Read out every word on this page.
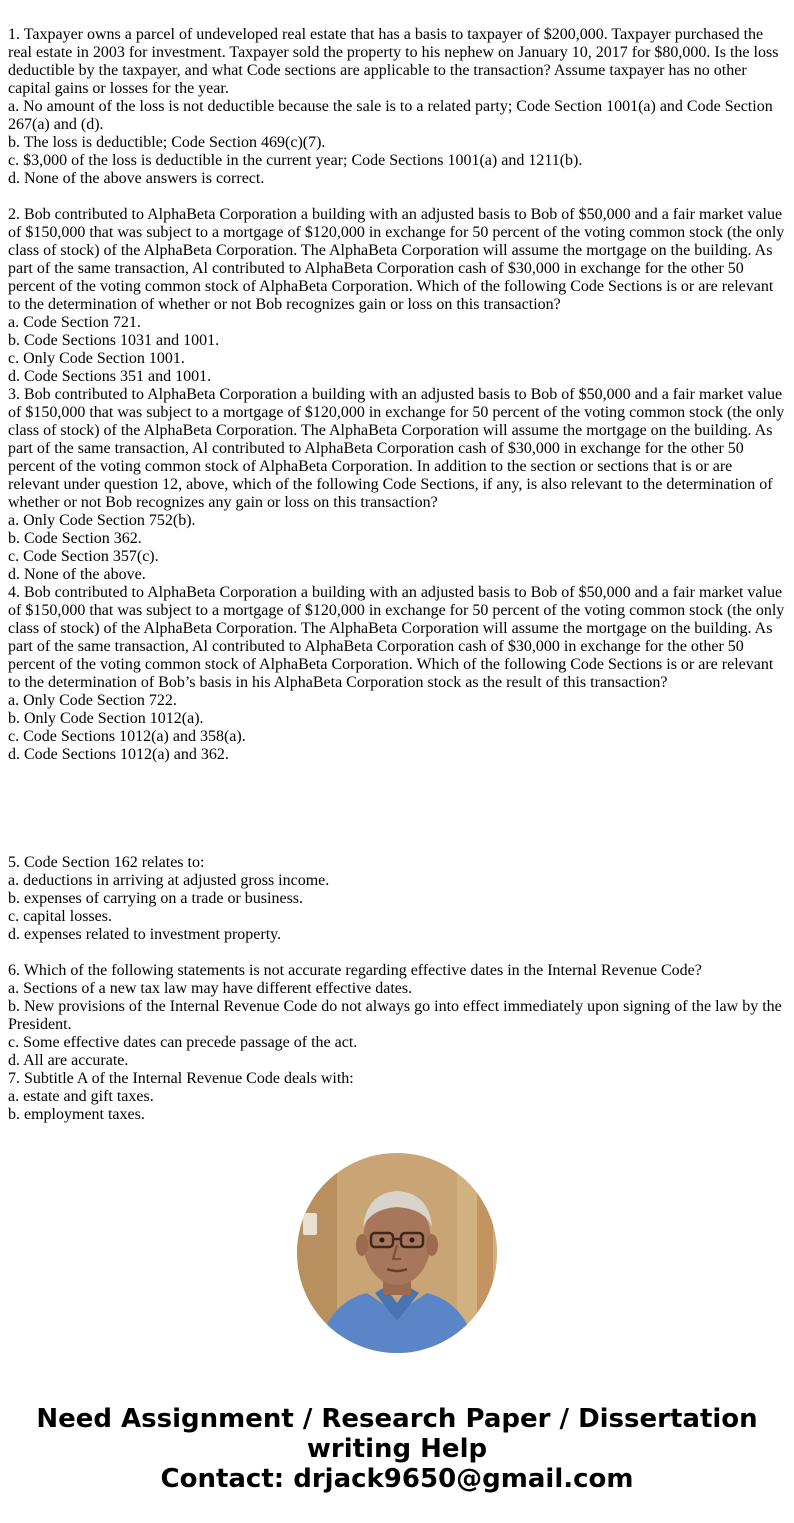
1. Taxpayer owns a parcel of undeveloped real estate that has a basis to taxpayer of $200,000. Taxpayer purchased the real estate in 2003 for investment. Taxpayer sold the property to his nephew on January 10, 2017 for $80,000. Is the loss deductible by the taxpayer, and what Code sections are applicable to the transaction? Assume taxpayer has no other capital gains or losses for the year.
a. No amount of the loss is not deductible because the sale is to a related party; Code Section 1001(a) and Code Section 267(a) and (d).
b. The loss is deductible; Code Section 469(c)(7).
c. $3,000 of the loss is deductible in the current year; Code Sections 1001(a) and 1211(b).
d. None of the above answers is correct.
2. Bob contributed to AlphaBeta Corporation a building with an adjusted basis to Bob of $50,000 and a fair market value of $150,000 that was subject to a mortgage of $120,000 in exchange for 50 percent of the voting common stock (the only class of stock) of the AlphaBeta Corporation. The AlphaBeta Corporation will assume the mortgage on the building. As part of the same transaction, Al contributed to AlphaBeta Corporation cash of $30,000 in exchange for the other 50 percent of the voting common stock of AlphaBeta Corporation. Which of the following Code Sections is or are relevant to the determination of whether or not Bob recognizes gain or loss on this transaction?
a. Code Section 721.
b. Code Sections 1031 and 1001.
c. Only Code Section 1001.
d. Code Sections 351 and 1001.
3. Bob contributed to AlphaBeta Corporation a building with an adjusted basis to Bob of $50,000 and a fair market value of $150,000 that was subject to a mortgage of $120,000 in exchange for 50 percent of the voting common stock (the only class of stock) of the AlphaBeta Corporation. The AlphaBeta Corporation will assume the mortgage on the building. As part of the same transaction, Al contributed to AlphaBeta Corporation cash of $30,000 in exchange for the other 50 percent of the voting common stock of AlphaBeta Corporation. In addition to the section or sections that is or are relevant under question 12, above, which of the following Code Sections, if any, is also relevant to the determination of whether or not Bob recognizes any gain or loss on this transaction?
a. Only Code Section 752(b).
b. Code Section 362.
c. Code Section 357(c).
d. None of the above.
4. Bob contributed to AlphaBeta Corporation a building with an adjusted basis to Bob of $50,000 and a fair market value of $150,000 that was subject to a mortgage of $120,000 in exchange for 50 percent of the voting common stock (the only class of stock) of the AlphaBeta Corporation. The AlphaBeta Corporation will assume the mortgage on the building. As part of the same transaction, Al contributed to AlphaBeta Corporation cash of $30,000 in exchange for the other 50 percent of the voting common stock of AlphaBeta Corporation. Which of the following Code Sections is or are relevant to the determination of Bob’s basis in his AlphaBeta Corporation stock as the result of this transaction?
a. Only Code Section 722.
b. Only Code Section 1012(a).
c. Code Sections 1012(a) and 358(a).
d. Code Sections 1012(a) and 362.
5. Code Section 162 relates to:
a. deductions in arriving at adjusted gross income.
b. expenses of carrying on a trade or business.
c. capital losses.
d. expenses related to investment property.
6. Which of the following statements is not accurate regarding effective dates in the Internal Revenue Code?
a. Sections of a new tax law may have different effective dates.
b. New provisions of the Internal Revenue Code do not always go into effect immediately upon signing of the law by the President.
c. Some effective dates can precede passage of the act.
d. All are accurate.
7. Subtitle A of the Internal Revenue Code deals with:
a. estate and gift taxes.
b. employment taxes.
Need Assignment / Research Paper / Dissertation
writing Help
Contact: drjack9650@gmail.com
